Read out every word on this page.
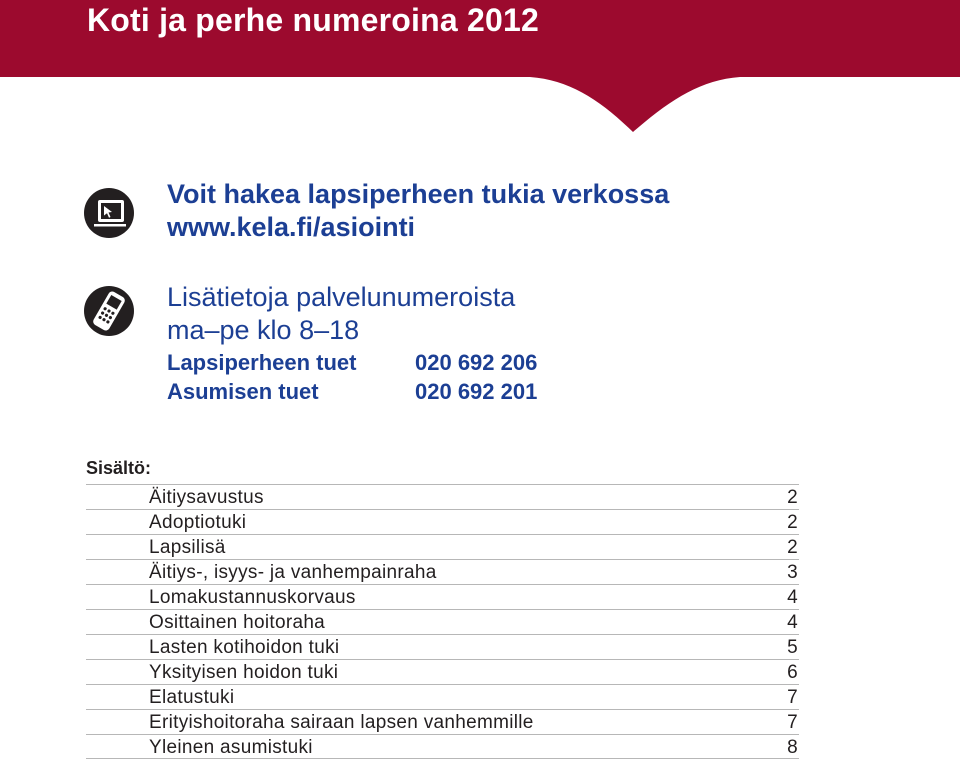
Koti ja perhe numeroina 2012
Voit hakea lapsiperheen tukia verkossa
www.kela.fi/asiointi
Lisätietoja palvelunumeroista
ma–pe klo 8–18
Lapsiperheen tuet	020 692 206
Asumisen tuet	020 692 201
Sisältö:
Äitiysavustus	2
Adoptiotuki	2
Lapsilisä	2
Äitiys-, isyys- ja vanhempainraha	3
Lomakustannuskorvaus	4
Osittainen hoitoraha	4
Lasten kotihoidon tuki	5
Yksityisen hoidon tuki	6
Elatustuki	7
Erityishoitoraha sairaan lapsen vanhemmille	7
Yleinen asumistuki	8
